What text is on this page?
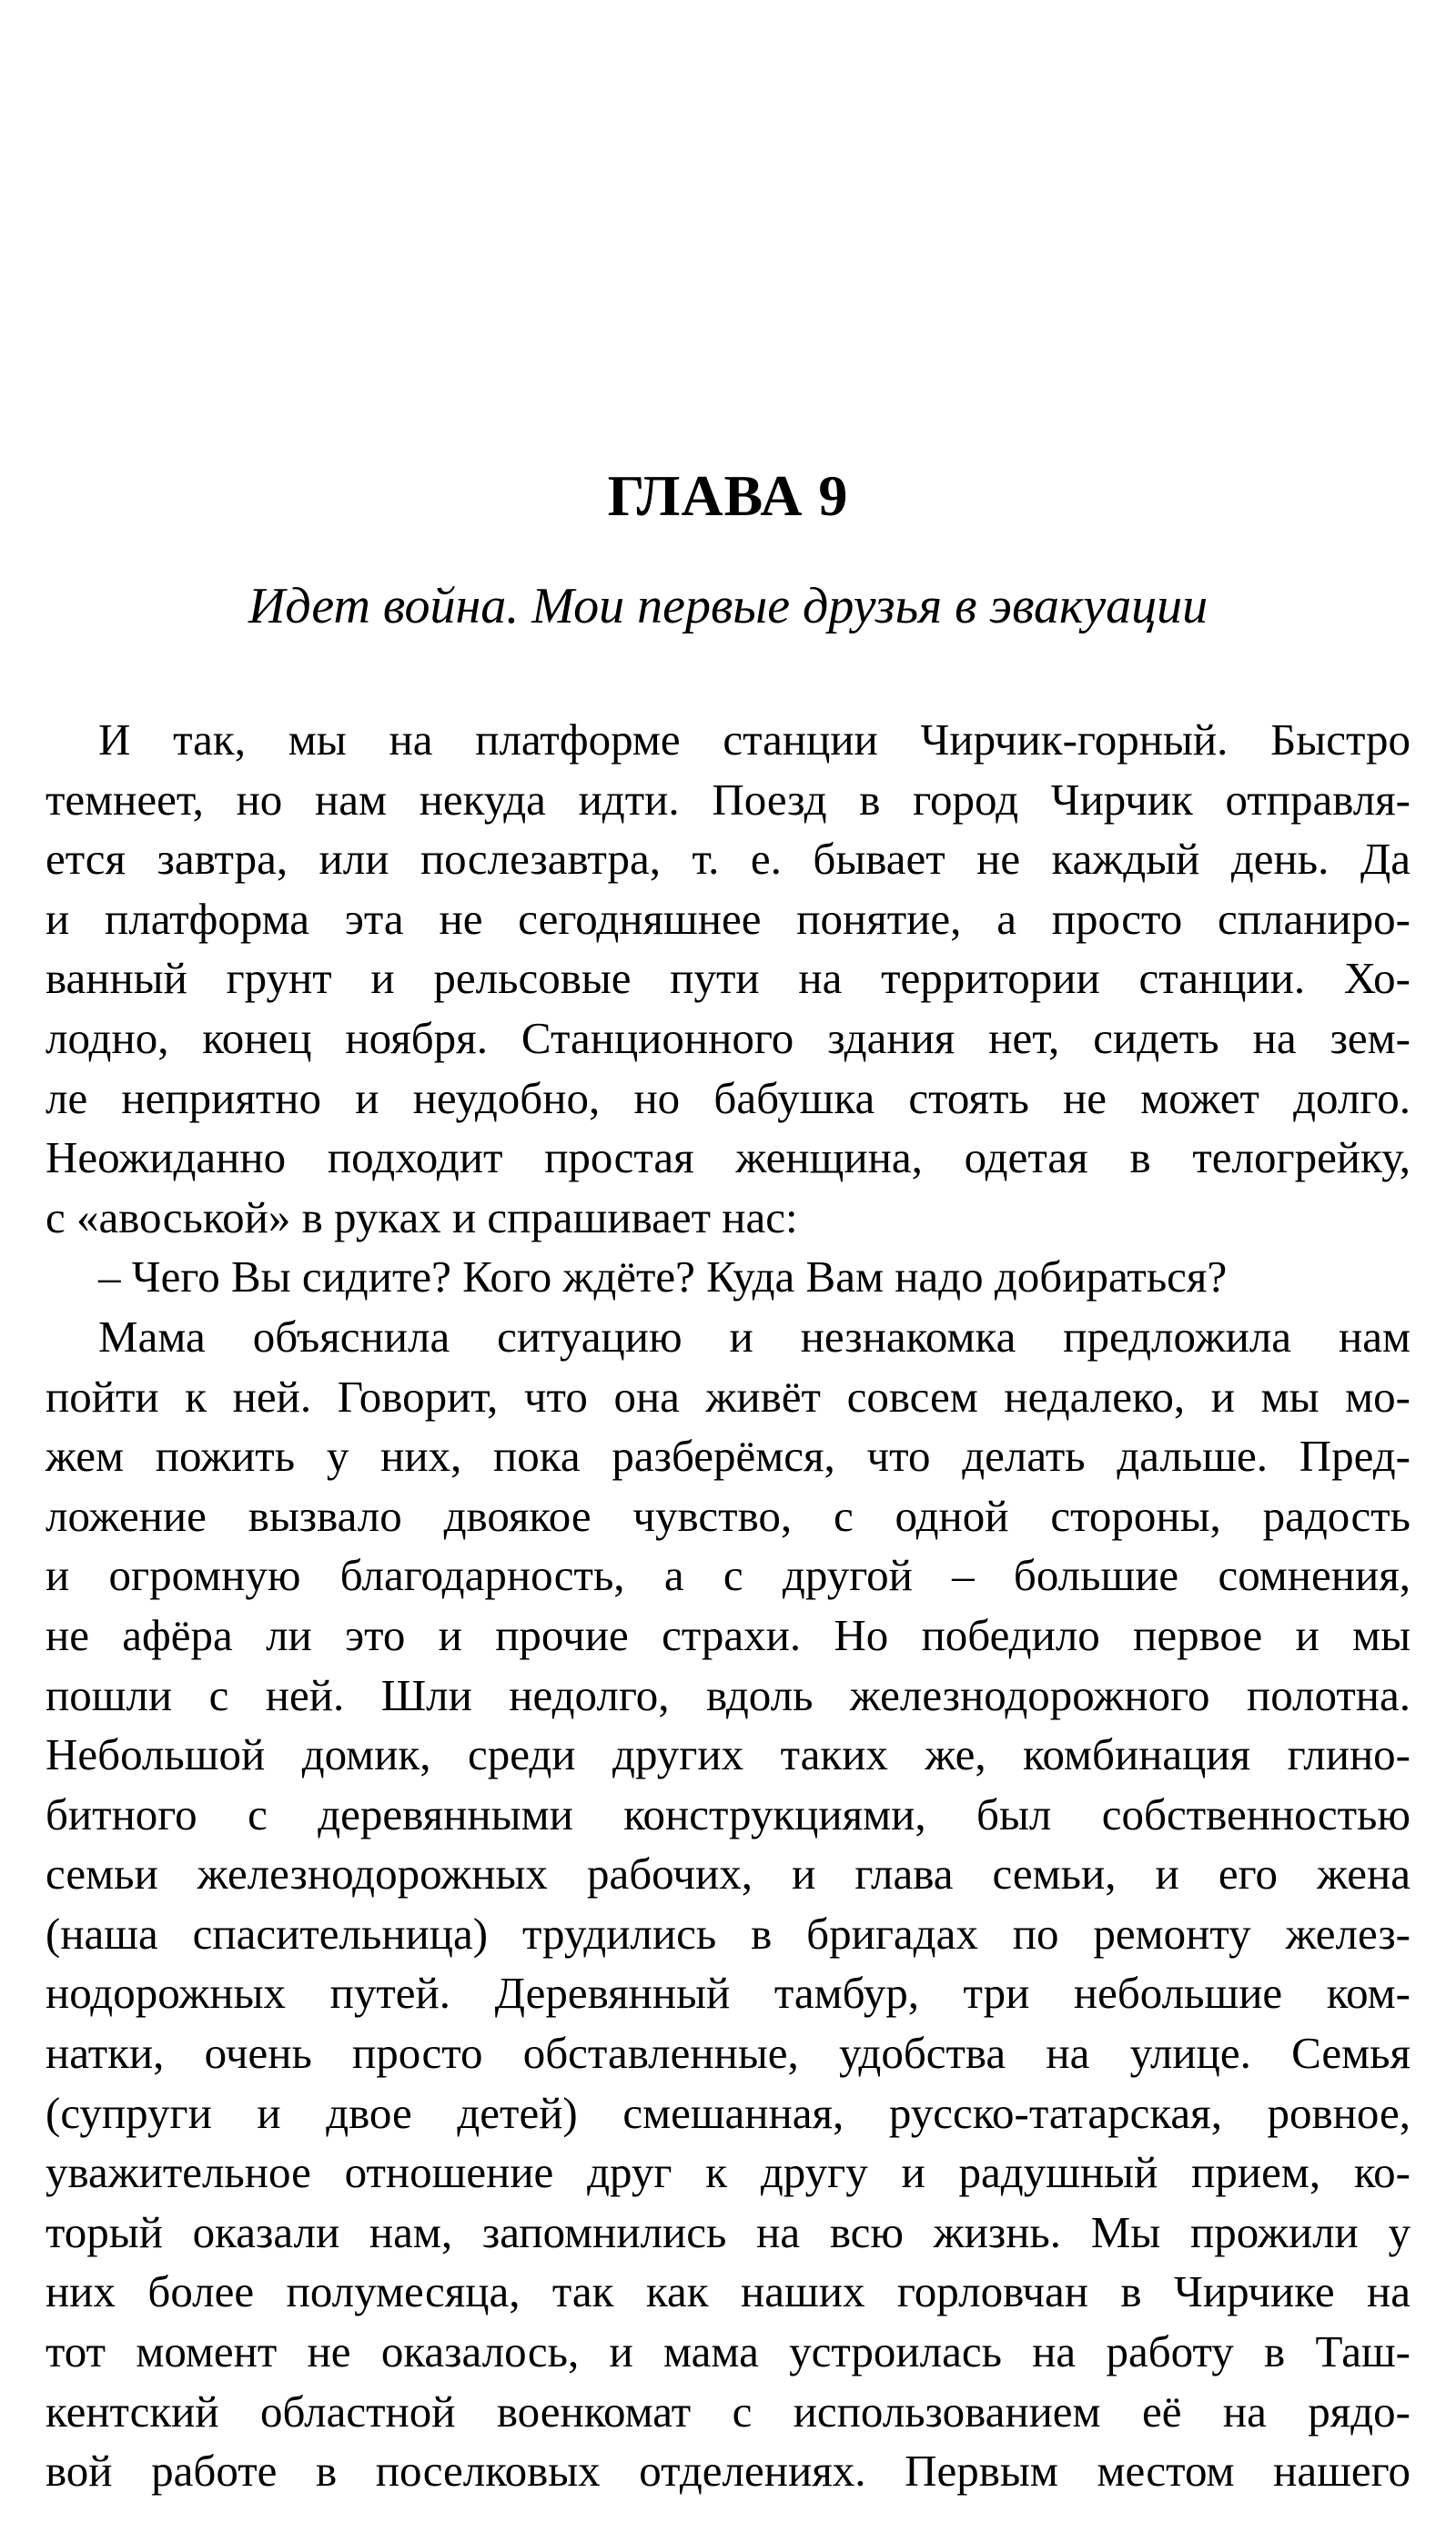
ГЛАВА 9
Идет война. Мои первые друзья в эвакуации
И так, мы на платформе станции Чирчик-горный. Быстро
темнеет, но нам некуда идти. Поезд в город Чирчик отправля-
ется завтра, или послезавтра, т. е. бывает не каждый день. Да
и платформа эта не сегодняшнее понятие, а просто спланиро-
ванный грунт и рельсовые пути на территории станции. Хо-
лодно, конец ноября. Станционного здания нет, сидеть на зем-
ле неприятно и неудобно, но бабушка стоять не может долго.
Неожиданно подходит простая женщина, одетая в телогрейку,
с «авоськой» в руках и спрашивает нас:
– Чего Вы сидите? Кого ждёте? Куда Вам надо добираться?
Мама объяснила ситуацию и незнакомка предложила нам
пойти к ней. Говорит, что она живёт совсем недалеко, и мы мо-
жем пожить у них, пока разберёмся, что делать дальше. Пред-
ложение вызвало двоякое чувство, с одной стороны, радость
и огромную благодарность, а с другой – большие сомнения,
не афёра ли это и прочие страхи. Но победило первое и мы
пошли с ней. Шли недолго, вдоль железнодорожного полотна.
Небольшой домик, среди других таких же, комбинация глино-
битного с деревянными конструкциями, был собственностью
семьи железнодорожных рабочих, и глава семьи, и его жена
(наша спасительница) трудились в бригадах по ремонту желез-
нодорожных путей. Деревянный тамбур, три небольшие ком-
натки, очень просто обставленные, удобства на улице. Семья
(супруги и двое детей) смешанная, русско-татарская, ровное,
уважительное отношение друг к другу и радушный прием, ко-
торый оказали нам, запомнились на всю жизнь. Мы прожили у
них более полумесяца, так как наших горловчан в Чирчике на
тот момент не оказалось, и мама устроилась на работу в Таш-
кентский областной военкомат с использованием её на рядо-
вой работе в поселковых отделениях. Первым местом нашего
